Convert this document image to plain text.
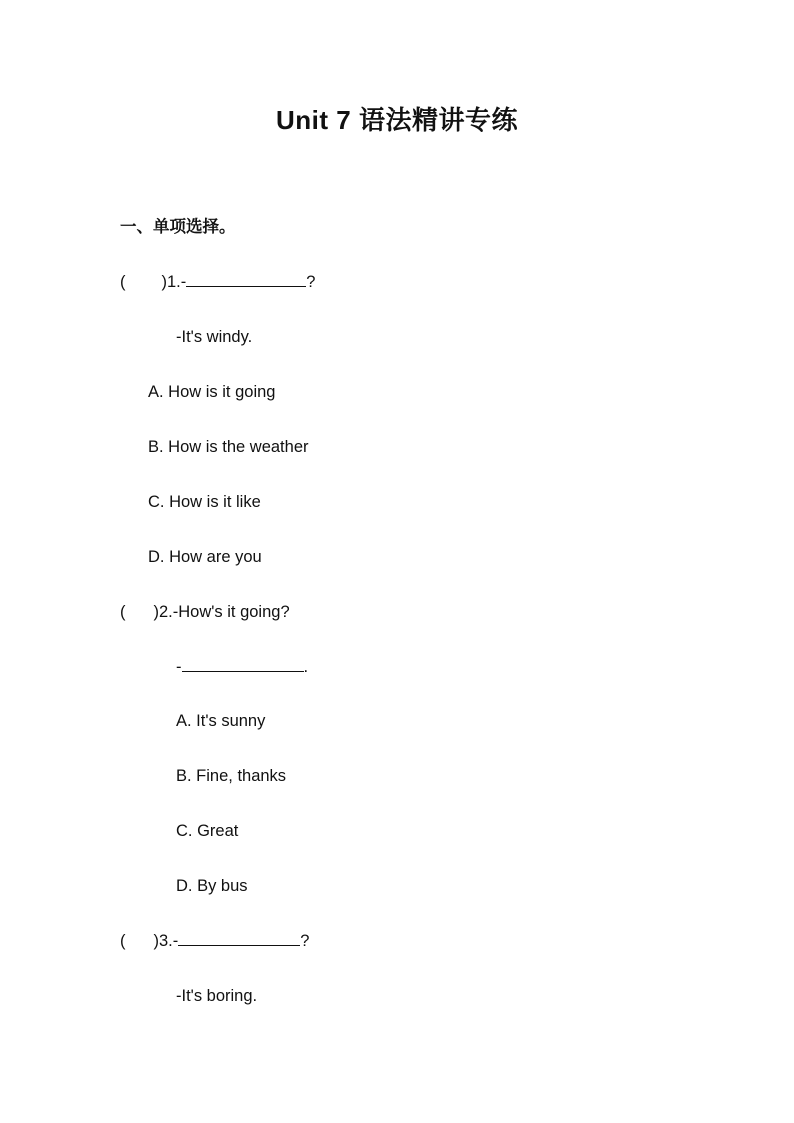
Unit 7 语法精讲专练
一、单项选择。
( )1.-	?
-It's windy.
A. How is it going
B. How is the weather
C. How is it like
D. How are you
( )2.-How's it going?
-	.
A. It's sunny
B. Fine, thanks
C. Great
D. By bus
( )3.-	?
-It's boring.
